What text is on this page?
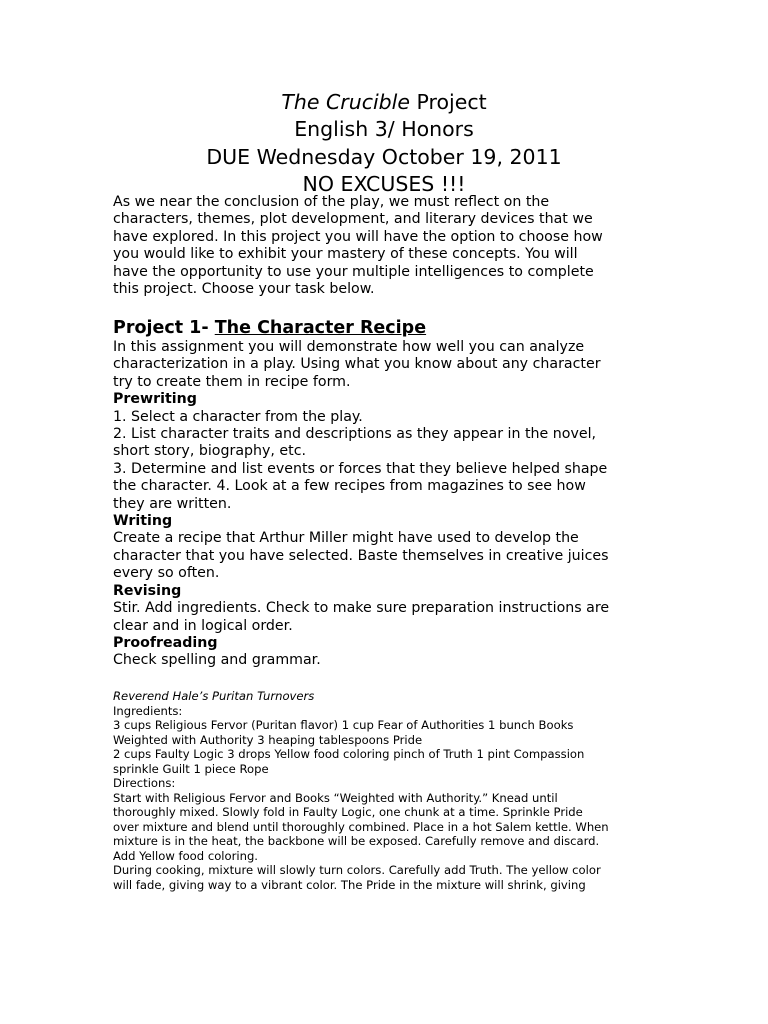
The Crucible Project
English 3/ Honors
DUE Wednesday October 19, 2011
NO EXCUSES !!!

As we near the conclusion of the play, we must reflect on the

characters, themes, plot development, and literary devices that we

have explored. In this project you will have the option to choose how

you would like to exhibit your mastery of these concepts. You will

have the opportunity to use your multiple intelligences to complete

this project. Choose your task below.

Project 1- The Character Recipe

In this assignment you will demonstrate how well you can analyze

characterization in a play. Using what you know about any character

try to create them in recipe form.

Prewriting

1. Select a character from the play.

2. List character traits and descriptions as they appear in the novel,

short story, biography, etc.

3. Determine and list events or forces that they believe helped shape

the character. 4. Look at a few recipes from magazines to see how

they are written.

Writing

Create a recipe that Arthur Miller might have used to develop the

character that you have selected. Baste themselves in creative juices

every so often.

Revising

Stir. Add ingredients. Check to make sure preparation instructions are

clear and in logical order.

Proofreading

Check spelling and grammar.

Reverend Hale’s Puritan Turnovers

Ingredients:

3 cups Religious Fervor (Puritan flavor) 1 cup Fear of Authorities 1 bunch Books

Weighted with Authority 3 heaping tablespoons Pride

2 cups Faulty Logic 3 drops Yellow food coloring pinch of Truth 1 pint Compassion

sprinkle Guilt 1 piece Rope

Directions:

Start with Religious Fervor and Books “Weighted with Authority.” Knead until

thoroughly mixed. Slowly fold in Faulty Logic, one chunk at a time. Sprinkle Pride

over mixture and blend until thoroughly combined. Place in a hot Salem kettle. When

mixture is in the heat, the backbone will be exposed. Carefully remove and discard.

Add Yellow food coloring.

During cooking, mixture will slowly turn colors. Carefully add Truth. The yellow color

will fade, giving way to a vibrant color. The Pride in the mixture will shrink, giving
